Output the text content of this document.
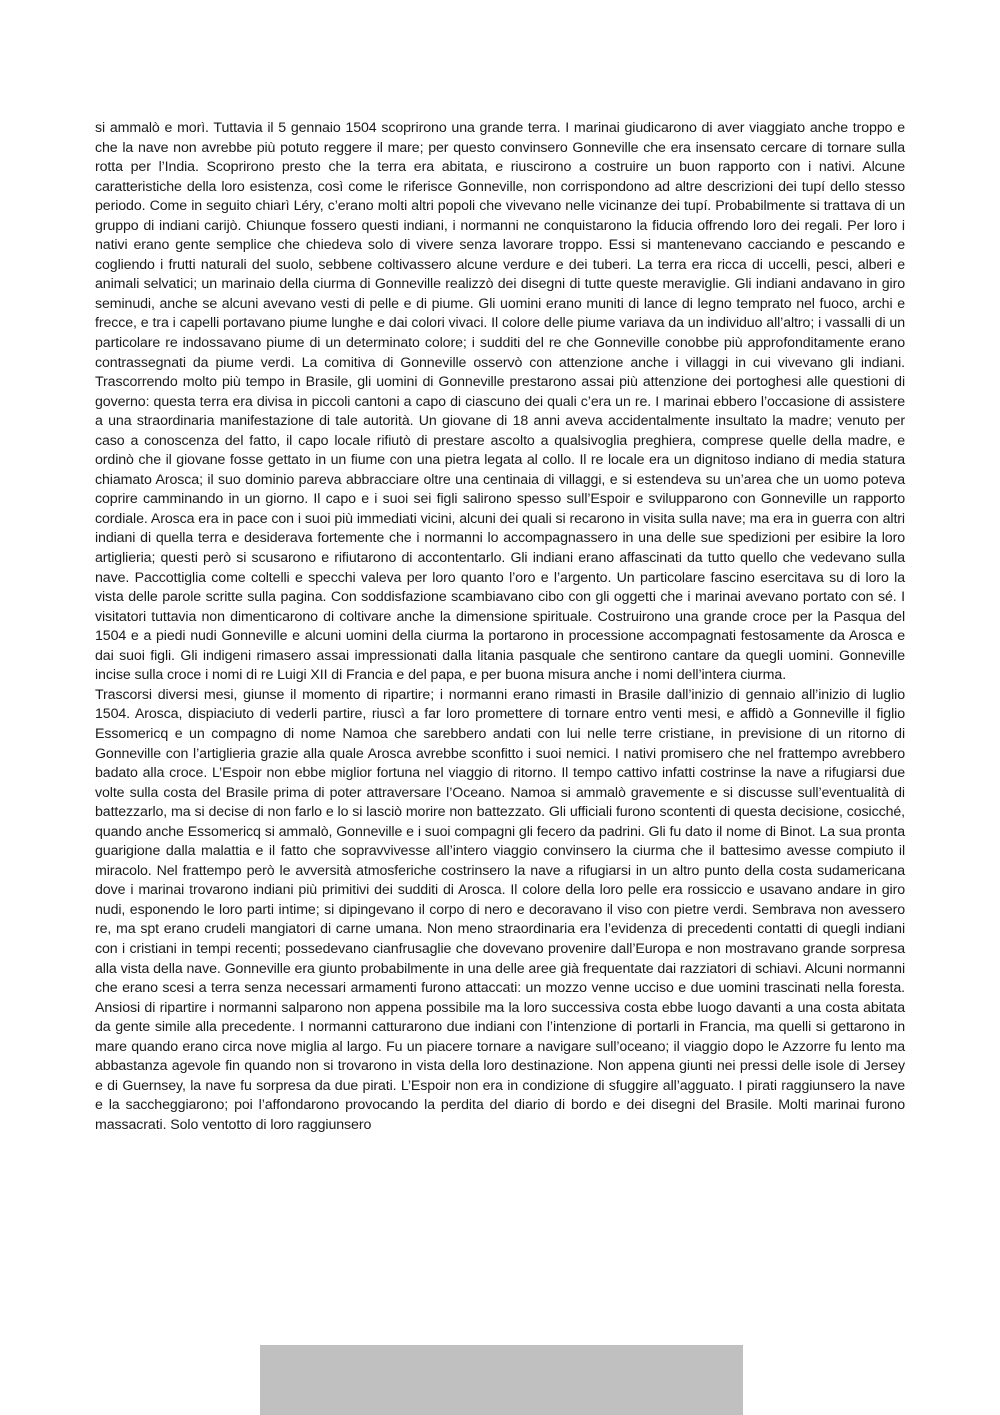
si ammalò e morì. Tuttavia il 5 gennaio 1504 scoprirono una grande terra. I marinai giudicarono di aver viaggiato anche troppo e che la nave non avrebbe più potuto reggere il mare; per questo convinsero Gonneville che era insensato cercare di tornare sulla rotta per l’India. Scoprirono presto che la terra era abitata, e riuscirono a costruire un buon rapporto con i nativi. Alcune caratteristiche della loro esistenza, così come le riferisce Gonneville, non corrispondono ad altre descrizioni dei tupí dello stesso periodo. Come in seguito chiarì Léry, c’erano molti altri popoli che vivevano nelle vicinanze dei tupí. Probabilmente si trattava di un gruppo di indiani carijò. Chiunque fossero questi indiani, i normanni ne conquistarono la fiducia offrendo loro dei regali. Per loro i nativi erano gente semplice che chiedeva solo di vivere senza lavorare troppo. Essi si mantenevano cacciando e pescando e cogliendo i frutti naturali del suolo, sebbene coltivassero alcune verdure e dei tuberi. La terra era ricca di uccelli, pesci, alberi e animali selvatici; un marinaio della ciurma di Gonneville realizzò dei disegni di tutte queste meraviglie. Gli indiani andavano in giro seminudi, anche se alcuni avevano vesti di pelle e di piume. Gli uomini erano muniti di lance di legno temprato nel fuoco, archi e frecce, e tra i capelli portavano piume lunghe e dai colori vivaci. Il colore delle piume variava da un individuo all’altro; i vassalli di un particolare re indossavano piume di un determinato colore; i sudditi del re che Gonneville conobbe più approfonditamente erano contrassegnati da piume verdi. La comitiva di Gonneville osservò con attenzione anche i villaggi in cui vivevano gli indiani. Trascorrendo molto più tempo in Brasile, gli uomini di Gonneville prestarono assai più attenzione dei portoghesi alle questioni di governo: questa terra era divisa in piccoli cantoni a capo di ciascuno dei quali c’era un re. I marinai ebbero l’occasione di assistere a una straordinaria manifestazione di tale autorità. Un giovane di 18 anni aveva accidentalmente insultato la madre; venuto per caso a conoscenza del fatto, il capo locale rifiutò di prestare ascolto a qualsivoglia preghiera, comprese quelle della madre, e ordinò che il giovane fosse gettato in un fiume con una pietra legata al collo. Il re locale era un dignitoso indiano di media statura chiamato Arosca; il suo dominio pareva abbracciare oltre una centinaia di villaggi, e si estendeva su un’area che un uomo poteva coprire camminando in un giorno. Il capo e i suoi sei figli salirono spesso sull’Espoir e svilupparono con Gonneville un rapporto cordiale. Arosca era in pace con i suoi più immediati vicini, alcuni dei quali si recarono in visita sulla nave; ma era in guerra con altri indiani di quella terra e desiderava fortemente che i normanni lo accompagnassero in una delle sue spedizioni per esibire la loro artiglieria; questi però si scusarono e rifiutarono di accontentarlo. Gli indiani erano affascinati da tutto quello che vedevano sulla nave. Paccottiglia come coltelli e specchi valeva per loro quanto l’oro e l’argento. Un particolare fascino esercitava su di loro la vista delle parole scritte sulla pagina. Con soddisfazione scambiavano cibo con gli oggetti che i marinai avevano portato con sé. I visitatori tuttavia non dimenticarono di coltivare anche la dimensione spirituale. Costruirono una grande croce per la Pasqua del 1504 e a piedi nudi Gonneville e alcuni uomini della ciurma la portarono in processione accompagnati festosamente da Arosca e dai suoi figli. Gli indigeni rimasero assai impressionati dalla litania pasquale che sentirono cantare da quegli uomini. Gonneville incise sulla croce i nomi di re Luigi XII di Francia e del papa, e per buona misura anche i nomi dell’intera ciurma.

Trascorsi diversi mesi, giunse il momento di ripartire; i normanni erano rimasti in Brasile dall’inizio di gennaio all’inizio di luglio 1504. Arosca, dispiaciuto di vederli partire, riuscì a far loro promettere di tornare entro venti mesi, e affidò a Gonneville il figlio Essomericq e un compagno di nome Namoa che sarebbero andati con lui nelle terre cristiane, in previsione di un ritorno di Gonneville con l’artiglieria grazie alla quale Arosca avrebbe sconfitto i suoi nemici. I nativi promisero che nel frattempo avrebbero badato alla croce. L’Espoir non ebbe miglior fortuna nel viaggio di ritorno. Il tempo cattivo infatti costrinse la nave a rifugiarsi due volte sulla costa del Brasile prima di poter attraversare l’Oceano. Namoa si ammalò gravemente e si discusse sull’eventualità di battezzarlo, ma si decise di non farlo e lo si lasciò morire non battezzato. Gli ufficiali furono scontenti di questa decisione, cosicché, quando anche Essomericq si ammalò, Gonneville e i suoi compagni gli fecero da padrini. Gli fu dato il nome di Binot. La sua pronta guarigione dalla malattia e il fatto che sopravvivesse all’intero viaggio convinsero la ciurma che il battesimo avesse compiuto il miracolo. Nel frattempo però le avversità atmosferiche costrinsero la nave a rifugiarsi in un altro punto della costa sudamericana dove i marinai trovarono indiani più primitivi dei sudditi di Arosca. Il colore della loro pelle era rossiccio e usavano andare in giro nudi, esponendo le loro parti intime; si dipingevano il corpo di nero e decoravano il viso con pietre verdi. Sembrava non avessero re, ma spt erano crudeli mangiatori di carne umana. Non meno straordinaria era l’evidenza di precedenti contatti di quegli indiani con i cristiani in tempi recenti; possedevano cianfrusaglie che dovevano provenire dall’Europa e non mostravano grande sorpresa alla vista della nave. Gonneville era giunto probabilmente in una delle aree già frequentate dai razziatori di schiavi. Alcuni normanni che erano scesi a terra senza necessari armamenti furono attaccati: un mozzo venne ucciso e due uomini trascinati nella foresta. Ansiosi di ripartire i normanni salparono non appena possibile ma la loro successiva costa ebbe luogo davanti a una costa abitata da gente simile alla precedente. I normanni catturarono due indiani con l’intenzione di portarli in Francia, ma quelli si gettarono in mare quando erano circa nove miglia al largo. Fu un piacere tornare a navigare sull’oceano; il viaggio dopo le Azzorre fu lento ma abbastanza agevole fin quando non si trovarono in vista della loro destinazione. Non appena giunti nei pressi delle isole di Jersey e di Guernsey, la nave fu sorpresa da due pirati. L’Espoir non era in condizione di sfuggire all’agguato. I pirati raggiunsero la nave e la saccheggiarono; poi l’affondarono provocando la perdita del diario di bordo e dei disegni del Brasile. Molti marinai furono massacrati. Solo ventotto di loro raggiunsero
